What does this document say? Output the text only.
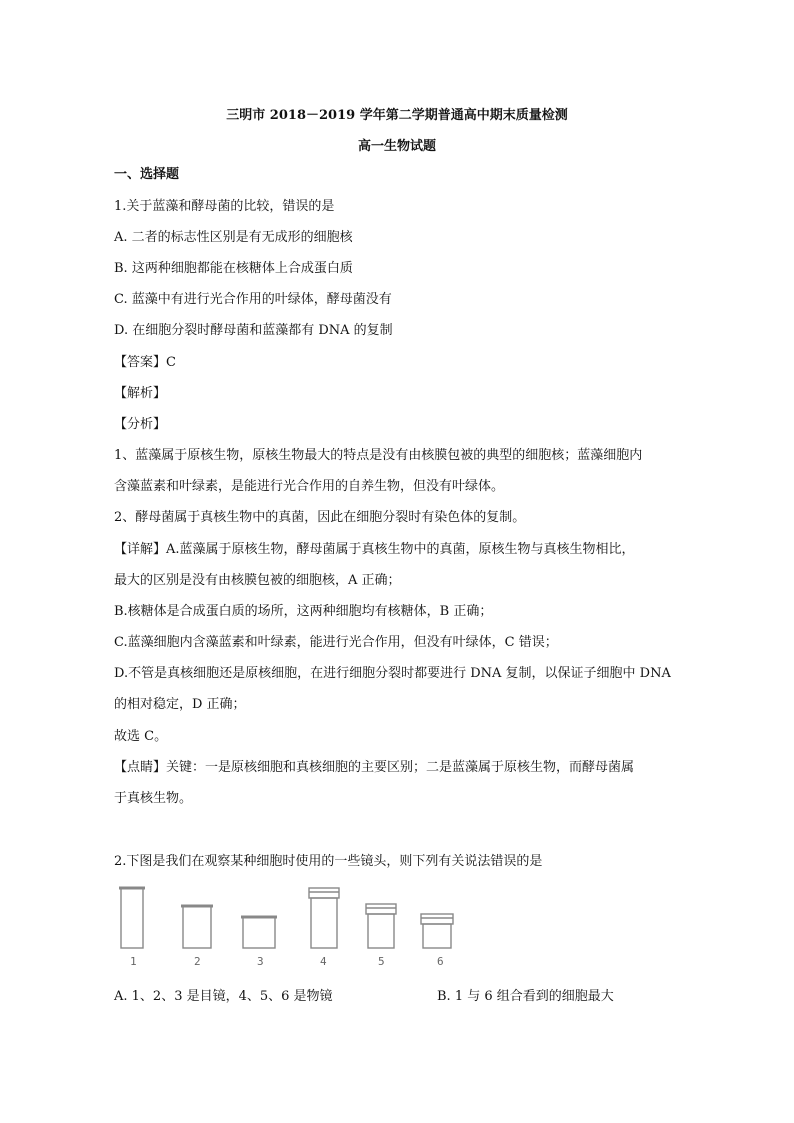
三明市 2018－2019 学年第二学期普通高中期末质量检测
高一生物试题
一、选择题
1.关于蓝藻和酵母菌的比较，错误的是
A. 二者的标志性区别是有无成形的细胞核
B. 这两种细胞都能在核糖体上合成蛋白质
C. 蓝藻中有进行光合作用的叶绿体，酵母菌没有
D. 在细胞分裂时酵母菌和蓝藻都有 DNA 的复制
【答案】C
【解析】
【分析】
1、蓝藻属于原核生物，原核生物最大的特点是没有由核膜包被的典型的细胞核；蓝藻细胞内
含藻蓝素和叶绿素，是能进行光合作用的自养生物，但没有叶绿体。
2、酵母菌属于真核生物中的真菌，因此在细胞分裂时有染色体的复制。
【详解】A.蓝藻属于原核生物，酵母菌属于真核生物中的真菌，原核生物与真核生物相比，
最大的区别是没有由核膜包被的细胞核，A 正确；
B.核糖体是合成蛋白质的场所，这两种细胞均有核糖体，B 正确；
C.蓝藻细胞内含藻蓝素和叶绿素，能进行光合作用，但没有叶绿体，C 错误；
D.不管是真核细胞还是原核细胞，在进行细胞分裂时都要进行 DNA 复制，以保证子细胞中 DNA
的相对稳定，D 正确；
故选 C。
【点睛】关键：一是原核细胞和真核细胞的主要区别；二是蓝藻属于原核生物，而酵母菌属
于真核生物。
2.下图是我们在观察某种细胞时使用的一些镜头，则下列有关说法错误的是
1	2	3	4	5	6
A. 1、2、3 是目镜，4、5、6 是物镜	B. 1 与 6 组合看到的细胞最大
